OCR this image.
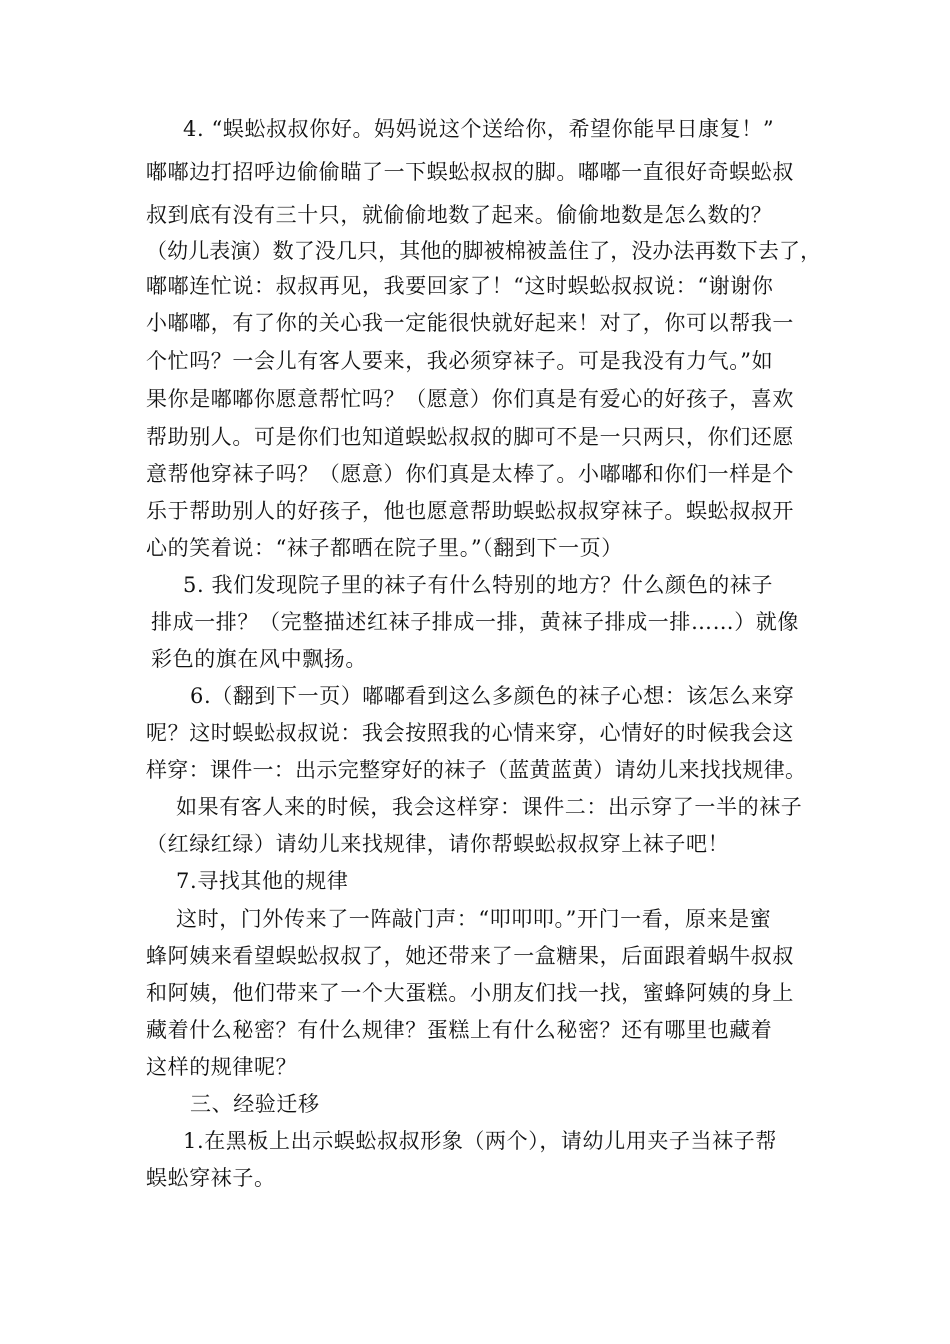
4. “蜈蚣叔叔你好。妈妈说这个送给你，希望你能早日康复！”

嘟嘟边打招呼边偷偷瞄了一下蜈蚣叔叔的脚。嘟嘟一直很好奇蜈蚣叔

叔到底有没有三十只，就偷偷地数了起来。偷偷地数是怎么数的？

（幼儿表演）数了没几只，其他的脚被棉被盖住了，没办法再数下去了，

嘟嘟连忙说：叔叔再见，我要回家了！“这时蜈蚣叔叔说：“谢谢你

小嘟嘟，有了你的关心我一定能很快就好起来！对了，你可以帮我一

个忙吗？一会儿有客人要来，我必须穿袜子。可是我没有力气。”如

果你是嘟嘟你愿意帮忙吗？（愿意）你们真是有爱心的好孩子，喜欢

帮助别人。可是你们也知道蜈蚣叔叔的脚可不是一只两只，你们还愿

意帮他穿袜子吗？（愿意）你们真是太棒了。小嘟嘟和你们一样是个

乐于帮助别人的好孩子，他也愿意帮助蜈蚣叔叔穿袜子。蜈蚣叔叔开

心的笑着说：“袜子都晒在院子里。”（翻到下一页）

5. 我们发现院子里的袜子有什么特别的地方？什么颜色的袜子

排成一排？（完整描述红袜子排成一排，黄袜子排成一排……）就像

彩色的旗在风中飘扬。

6.（翻到下一页）嘟嘟看到这么多颜色的袜子心想：该怎么来穿

呢？这时蜈蚣叔叔说：我会按照我的心情来穿，心情好的时候我会这

样穿：课件一：出示完整穿好的袜子（蓝黄蓝黄）请幼儿来找找规律。

如果有客人来的时候，我会这样穿：课件二：出示穿了一半的袜子

（红绿红绿）请幼儿来找规律，请你帮蜈蚣叔叔穿上袜子吧！

7.寻找其他的规律

这时，门外传来了一阵敲门声：“叩叩叩。”开门一看，原来是蜜

蜂阿姨来看望蜈蚣叔叔了，她还带来了一盒糖果，后面跟着蜗牛叔叔

和阿姨，他们带来了一个大蛋糕。小朋友们找一找，蜜蜂阿姨的身上

藏着什么秘密？有什么规律？蛋糕上有什么秘密？还有哪里也藏着

这样的规律呢？

三、经验迁移

1.在黑板上出示蜈蚣叔叔形象（两个），请幼儿用夹子当袜子帮

蜈蚣穿袜子。
